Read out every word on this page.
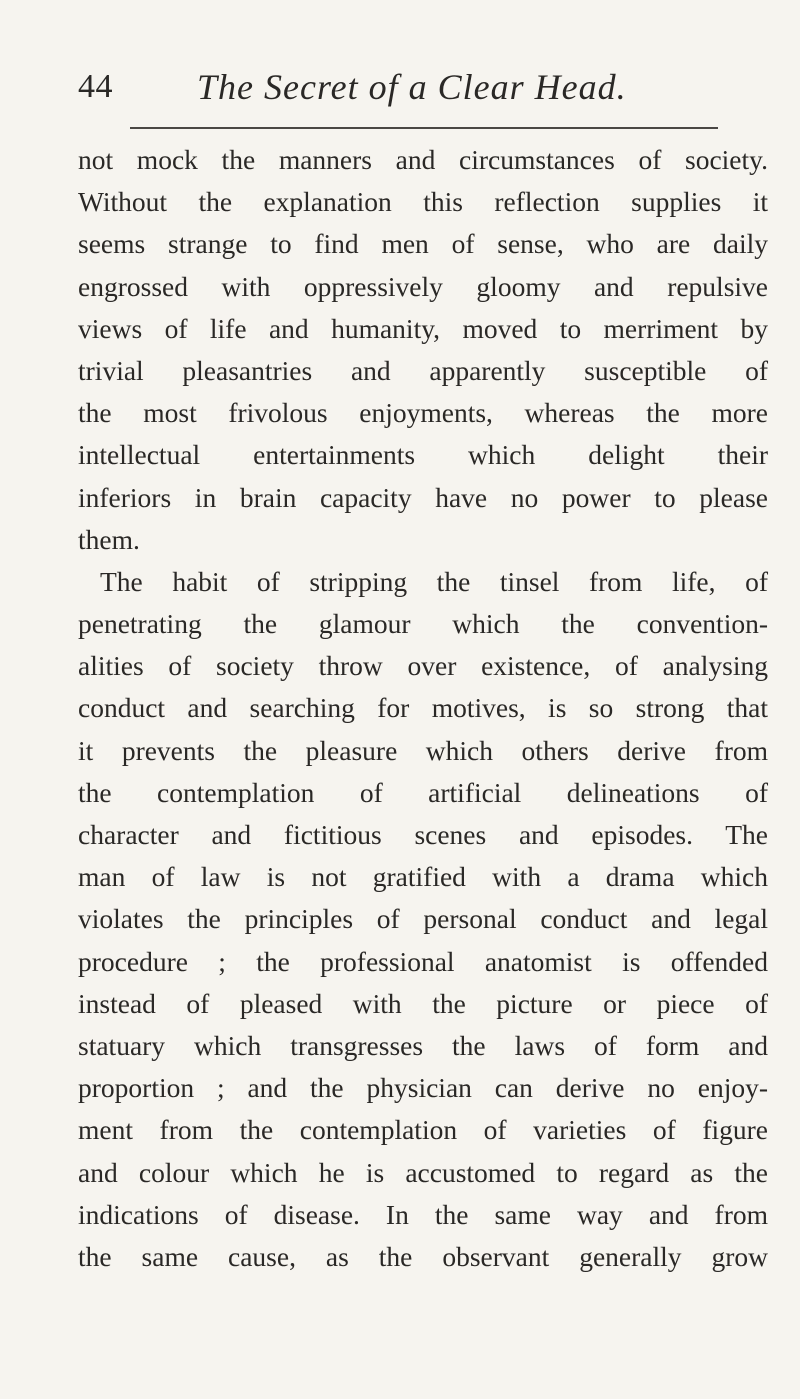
44 The Secret of a Clear Head.
not mock the manners and circumstances of society.
Without the explanation this reflection supplies it
seems strange to find men of sense, who are daily
engrossed with oppressively gloomy and repulsive
views of life and humanity, moved to merriment by
trivial pleasantries and apparently susceptible of
the most frivolous enjoyments, whereas the more
intellectual entertainments which delight their
inferiors in brain capacity have no power to please
them.
The habit of stripping the tinsel from life, of
penetrating the glamour which the convention-
alities of society throw over existence, of analysing
conduct and searching for motives, is so strong that
it prevents the pleasure which others derive from
the contemplation of artificial delineations of
character and fictitious scenes and episodes. The
man of law is not gratified with a drama which
violates the principles of personal conduct and legal
procedure ; the professional anatomist is offended
instead of pleased with the picture or piece of
statuary which transgresses the laws of form and
proportion ; and the physician can derive no enjoy-
ment from the contemplation of varieties of figure
and colour which he is accustomed to regard as the
indications of disease. In the same way and from
the same cause, as the observant generally grow
